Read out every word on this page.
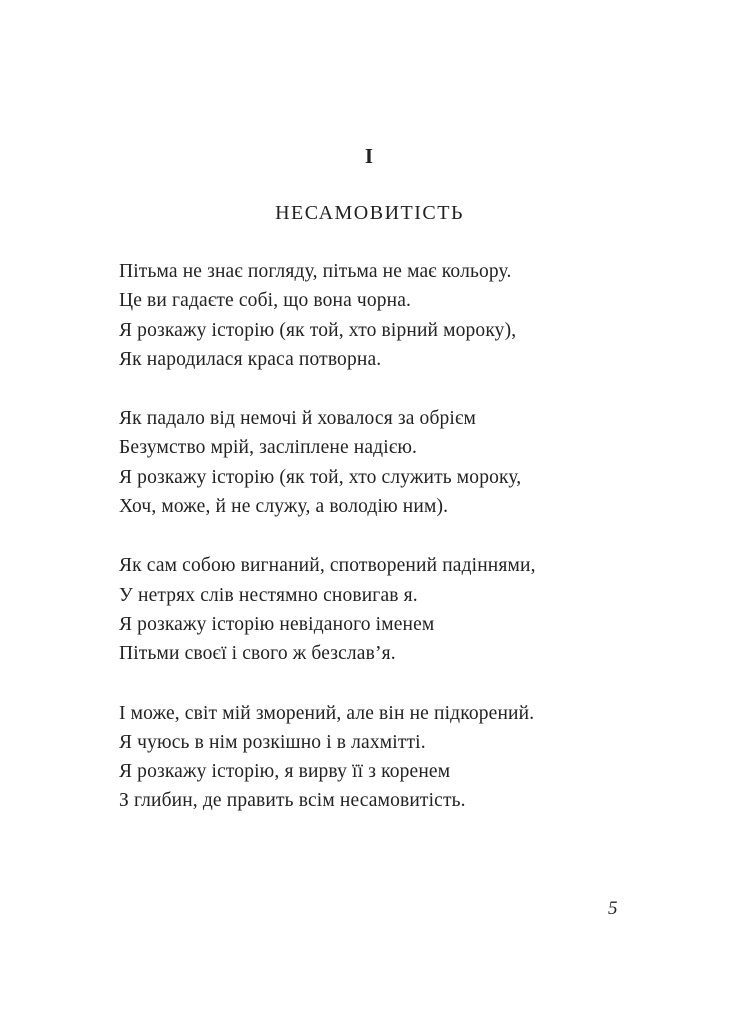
I
НЕСАМОВИТІСТЬ
Пітьма не знає погляду, пітьма не має кольору.
Це ви гадаєте собі, що вона чорна.
Я розкажу історію (як той, хто вірний мороку),
Як народилася краса потворна.
Як падало від немочі й ховалося за обрієм
Безумство мрій, засліплене надією.
Я розкажу історію (як той, хто служить мороку,
Хоч, може, й не служу, а володію ним).
Як сам собою вигнаний, спотворений падіннями,
У нетрях слів нестямно сновигав я.
Я розкажу історію невіданого іменем
Пітьми своєї і свого ж безслав’я.
І може, світ мій зморений, але він не підкорений.
Я чуюсь в нім розкішно і в лахмітті.
Я розкажу історію, я вирву її з коренем
З глибин, де править всім несамовитість.
5
